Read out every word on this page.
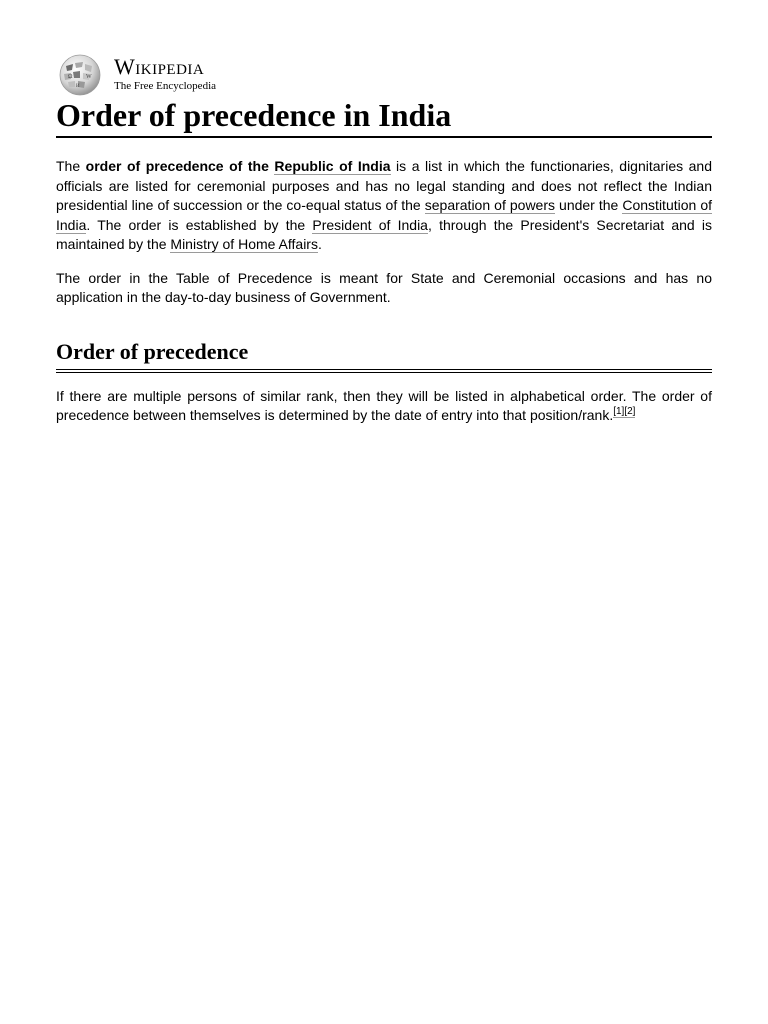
Ω W
И
Wikipedia
The Free Encyclopedia
Order of precedence in India

The order of precedence of the Republic of India is a list in which the functionaries, dignitaries and officials are listed for ceremonial purposes and has no legal standing and does not reflect the Indian presidential line of succession or the co-equal status of the separation of powers under the Constitution of India. The order is established by the President of India, through the President's Secretariat and is maintained by the Ministry of Home Affairs.

The order in the Table of Precedence is meant for State and Ceremonial occasions and has no application in the day-to-day business of Government.

Order of precedence

If there are multiple persons of similar rank, then they will be listed in alphabetical order. The order of precedence between themselves is determined by the date of entry into that position/rank.[1][2]
